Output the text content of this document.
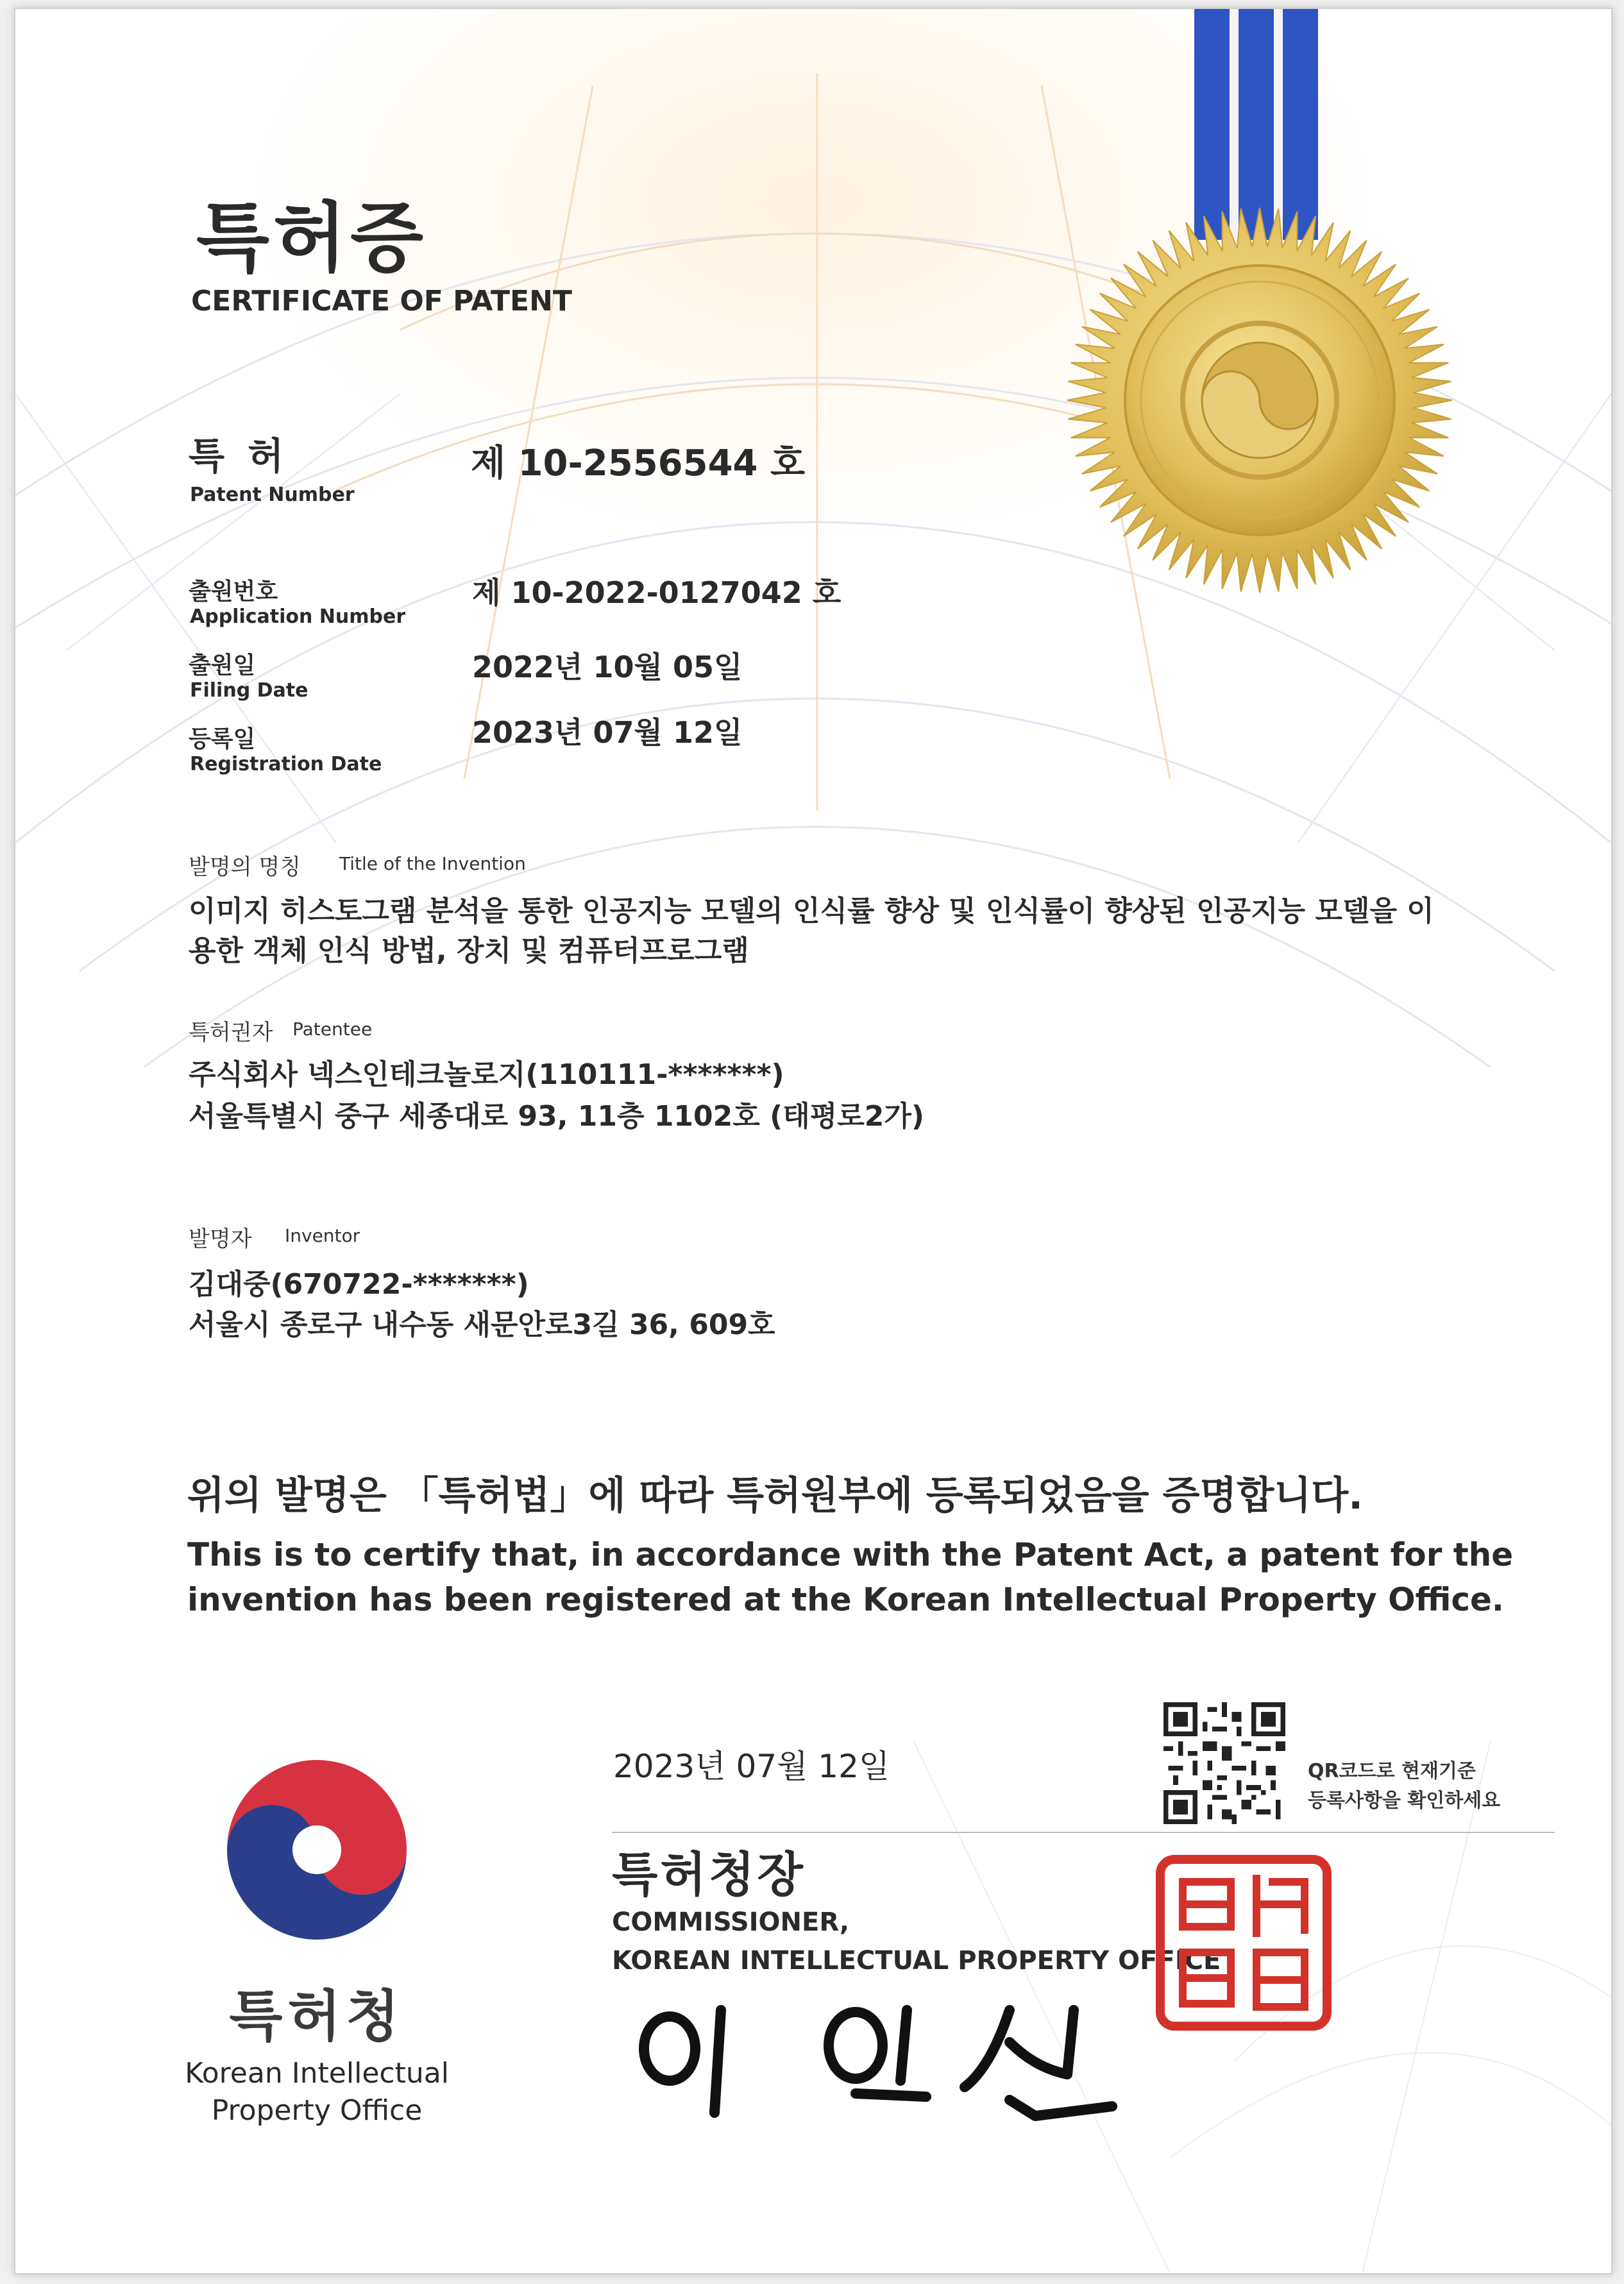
특허증
CERTIFICATE OF PATENT
특 허
Patent Number
제 10-2556544 호
출원번호
Application Number
제 10-2022-0127042 호
출원일
Filing Date
2022년 10월 05일
등록일
Registration Date
2023년 07월 12일
발명의 명칭 Title of the Invention
이미지 히스토그램 분석을 통한 인공지능 모델의 인식률 향상 및 인식률이 향상된 인공지능 모델을 이
용한 객체 인식 방법, 장치 및 컴퓨터프로그램
특허권자 Patentee
주식회사 넥스인테크놀로지(110111-*******)
서울특별시 중구 세종대로 93, 11층 1102호 (태평로2가)
발명자 Inventor
김대중(670722-*******)
서울시 종로구 내수동 새문안로3길 36, 609호
위의 발명은 「특허법」에 따라 특허원부에 등록되었음을 증명합니다.
This is to certify that, in accordance with the Patent Act, a patent for the invention has been registered at the Korean Intellectual Property Office.
2023년 07월 12일	QR코드로 현재기준
등록사항을 확인하세요
특허청장
COMMISSIONER,
KOREAN INTELLECTUAL PROPERTY OFFICE
특허청
Korean Intellectual Property Office
